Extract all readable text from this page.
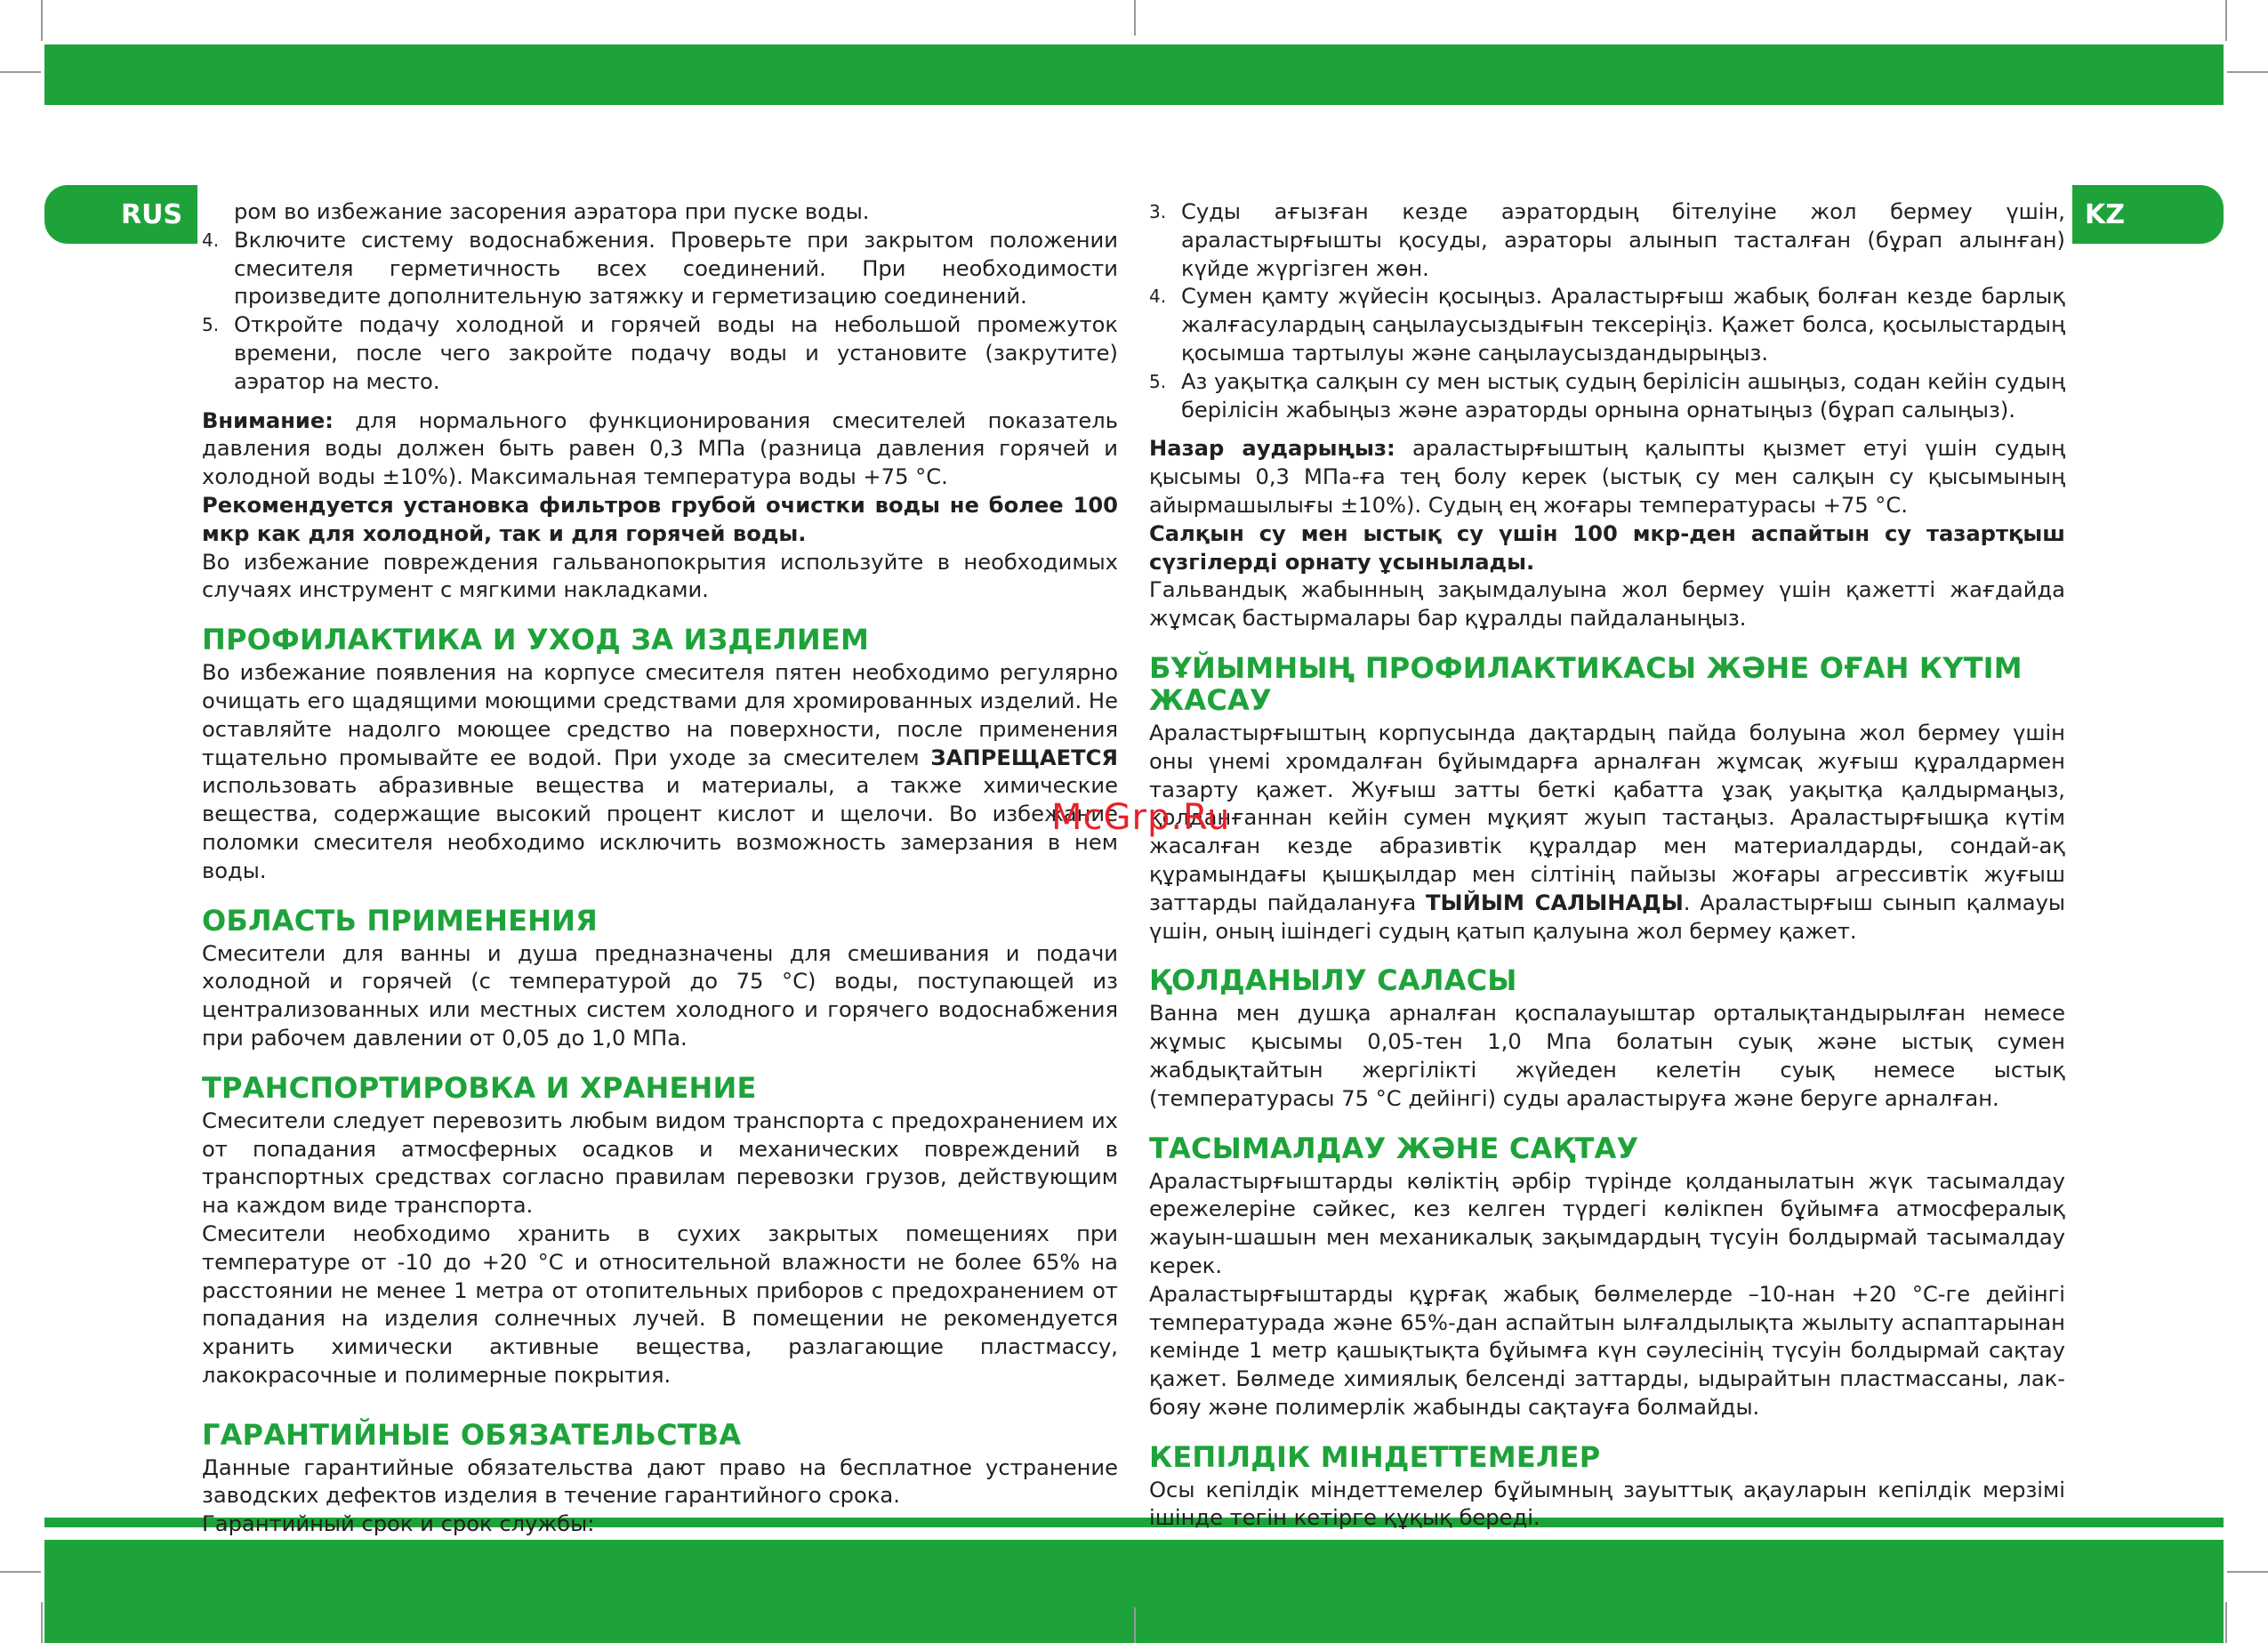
RUS	KZ

ром во избежание засорения аэратора при пуске воды.

4. Включите систему водоснабжения. Проверьте при закрытом положении смесителя герметичность всех соединений. При необходимости произведите дополнительную затяжку и герметизацию соединений.
5. Откройте подачу холодной и горячей воды на небольшой промежуток времени, после чего закройте подачу воды и установите (закрутите) аэратор на место.

Внимание: для нормального функционирования смесителей показатель давления воды должен быть равен 0,3 МПа (разница давления горячей и холодной воды ±10%). Максимальная температура воды +75 °С.

Рекомендуется установка фильтров грубой очистки воды не более 100 мкр как для холодной, так и для горячей воды.

Во избежание повреждения гальванопокрытия используйте в необходимых случаях инструмент с мягкими накладками.

ПРОФИЛАКТИКА И УХОД ЗА ИЗДЕЛИЕМ

Во избежание появления на корпусе смесителя пятен необходимо регулярно очищать его щадящими моющими средствами для хромированных изделий. Не оставляйте надолго моющее средство на поверхности, после применения тщательно промывайте ее водой. При уходе за смесителем ЗАПРЕЩАЕТСЯ использовать абразивные вещества и материалы, а также химические вещества, содержащие высокий процент кислот и щелочи. Во избежание поломки смесителя необходимо исключить возможность замерзания в нем воды.

ОБЛАСТЬ ПРИМЕНЕНИЯ

Смесители для ванны и душа предназначены для смешивания и подачи холодной и горячей (с температурой до 75 °С) воды, поступающей из централизованных или местных систем холодного и горячего водоснабжения при рабочем давлении от 0,05 до 1,0 МПа.

ТРАНСПОРТИРОВКА И ХРАНЕНИЕ

Смесители следует перевозить любым видом транспорта с предохранением их от попадания атмосферных осадков и механических повреждений в транспортных средствах согласно правилам перевозки грузов, действующим на каждом виде транспорта.

Смесители необходимо хранить в сухих закрытых помещениях при температуре от -10 до +20 °С и относительной влажности не более 65% на расстоянии не менее 1 метра от отопительных приборов с предохранением от попадания на изделия солнечных лучей. В помещении не рекомендуется хранить химически активные вещества, разлагающие пластмассу, лакокрасочные и полимерные покрытия.

ГАРАНТИЙНЫЕ ОБЯЗАТЕЛЬСТВА

Данные гарантийные обязательства дают право на бесплатное устранение заводских дефектов изделия в течение гарантийного срока.

Гарантийный срок и срок службы:

3. Суды ағызған кезде аэратордың бітелуіне жол бермеу үшін, араластырғышты қосуды, аэраторы алынып тасталған (бұрап алынған) күйде жүргізген жөн.
4. Сумен қамту жүйесін қосыңыз. Араластырғыш жабық болған кезде барлық жалғасулардың саңылаусыздығын тексеріңіз. Қажет болса, қосылыстардың қосымша тартылуы және саңылаусыздандырыңыз.
5. Аз уақытқа салқын су мен ыстық судың берілісін ашыңыз, содан кейін судың берілісін жабыңыз және аэраторды орнына орнатыңыз (бұрап салыңыз).

Назар аударыңыз: араластырғыштың қалыпты қызмет етуі үшін судың қысымы 0,3 МПа-ға тең болу керек (ыстық су мен салқын су қысымының айырмашылығы ±10%). Судың ең жоғары температурасы +75 °С.

Салқын су мен ыстық су үшін 100 мкр-ден аспайтын су тазартқыш сүзгілерді орнату ұсынылады.

Гальвандық жабынның зақымдалуына жол бермеу үшін қажетті жағдайда жұмсақ бастырмалары бар құралды пайдаланыңыз.

БҰЙЫМНЫҢ ПРОФИЛАКТИКАСЫ ЖӘНЕ ОҒАН КҮТІМ ЖАСАУ

Араластырғыштың корпусында дақтардың пайда болуына жол бермеу үшін оны үнемі хромдалған бұйымдарға арналған жұмсақ жуғыш құралдармен тазарту қажет. Жуғыш затты беткі қабатта ұзақ уақытқа қалдырмаңыз, қолданғаннан кейін сумен мұқият жуып тастаңыз. Араластырғышқа күтім жасалған кезде абразивтік құралдар мен материалдарды, сондай-ақ құрамындағы қышқылдар мен сілтінің пайызы жоғары агрессивтік жуғыш заттарды пайдалануға ТЫЙЫМ САЛЫНАДЫ. Араластырғыш сынып қалмауы үшін, оның ішіндегі судың қатып қалуына жол бермеу қажет.

ҚОЛДАНЫЛУ САЛАСЫ

Ванна мен душқа арналған қоспалауыштар орталықтандырылған немесе жұмыс қысымы 0,05-тен 1,0 Мпа болатын суық және ыстық сумен жабдықтайтын жергілікті жүйеден келетін суық немесе ыстық (температурасы 75 °С дейінгі) суды араластыруға және беруге арналған.

ТАСЫМАЛДАУ ЖӘНЕ САҚТАУ

Араластырғыштарды көліктің әрбір түрінде қолданылатын жүк тасымалдау ережелеріне сәйкес, кез келген түрдегі көлікпен бұйымға атмосфералық жауын-шашын мен механикалық зақымдардың түсуін болдырмай тасымалдау керек.

Араластырғыштарды құрғақ жабық бөлмелерде –10-нан +20 °С-ге дейінгі температурада және 65%-дан аспайтын ылғалдылықта жылыту аспаптарынан кемінде 1 метр қашықтықта бұйымға күн сәулесінің түсуін болдырмай сақтау қажет. Бөлмеде химиялық белсенді заттарды, ыдырайтын пластмассаны, лак-бояу және полимерлік жабынды сақтауға болмайды.

КЕПІЛДІК МІНДЕТТЕМЕЛЕР

Осы кепілдік міндеттемелер бұйымның зауыттық ақауларын кепілдік мерзімі ішінде тегін кетірге құқық береді.

McGrp.Ru
